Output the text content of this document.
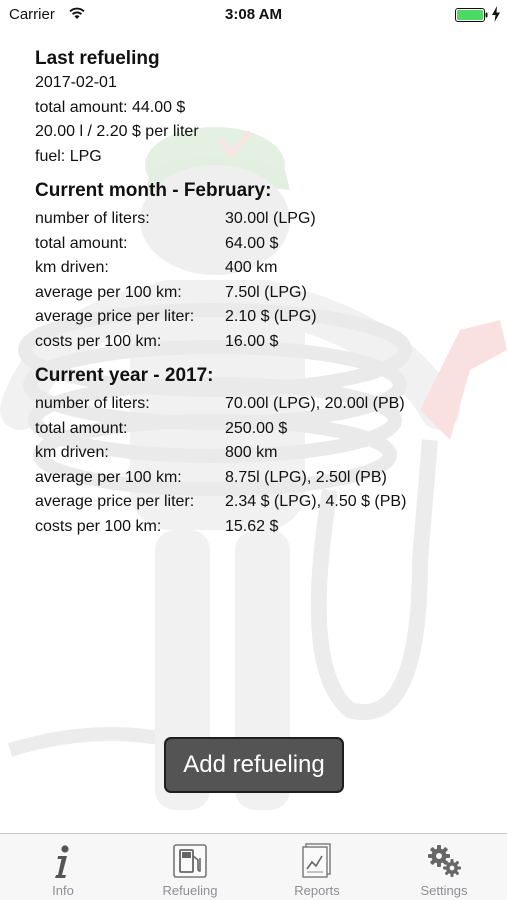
Carrier	3:08 AM
Last refueling
2017-02-01
total amount: 44.00 $
20.00 l / 2.20 $ per liter
fuel: LPG
Current month - February:
number of liters:	30.00l (LPG)
total amount:	64.00 $
km driven:	400 km
average per 100 km:	7.50l (LPG)
average price per liter:	2.10 $ (LPG)
costs per 100 km:	16.00 $
Current year - 2017:
number of liters:	70.00l (LPG), 20.00l (PB)
total amount:	250.00 $
km driven:	800 km
average per 100 km:	8.75l (LPG), 2.50l (PB)
average price per liter:	2.34 $ (LPG), 4.50 $ (PB)
costs per 100 km:	15.62 $
Add refueling
Info	Refueling	Reports	Settings
